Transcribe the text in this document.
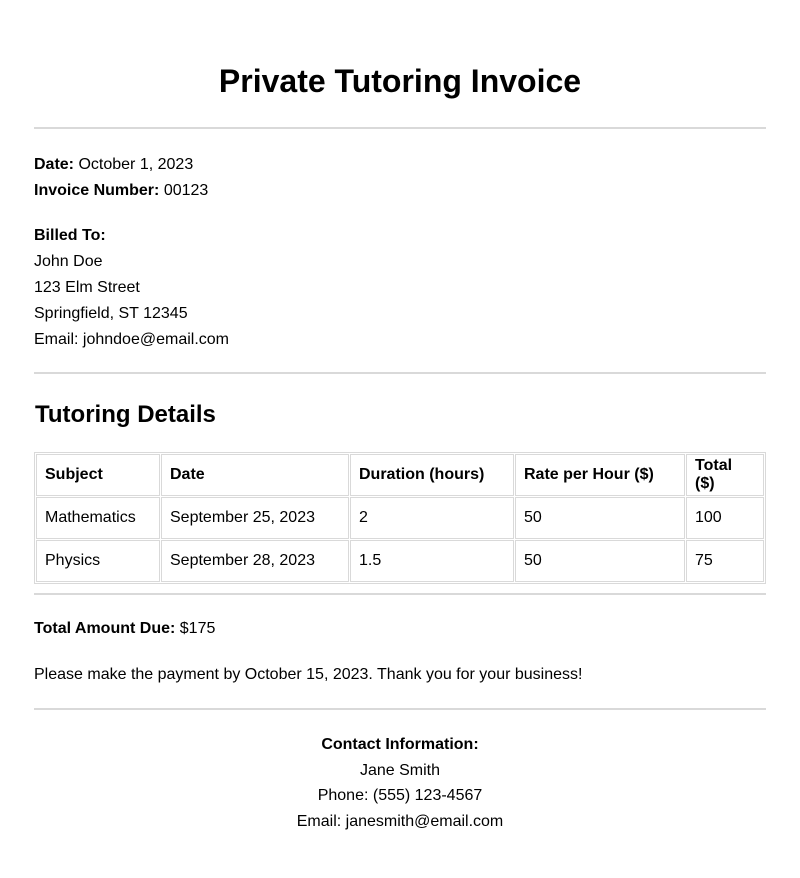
Private Tutoring Invoice

Date: October 1, 2023

Invoice Number: 00123

Billed To:

John Doe

123 Elm Street

Springfield, ST 12345

Email: johndoe@email.com

Tutoring Details
Subject	Date	Duration (hours)	Rate per Hour ($)	Total ($)
Mathematics	September 25, 2023	2	50	100
Physics	September 28, 2023	1.5	50	75

Total Amount Due: $175

Please make the payment by October 15, 2023. Thank you for your business!

Contact Information:

Jane Smith

Phone: (555) 123-4567

Email: janesmith@email.com
